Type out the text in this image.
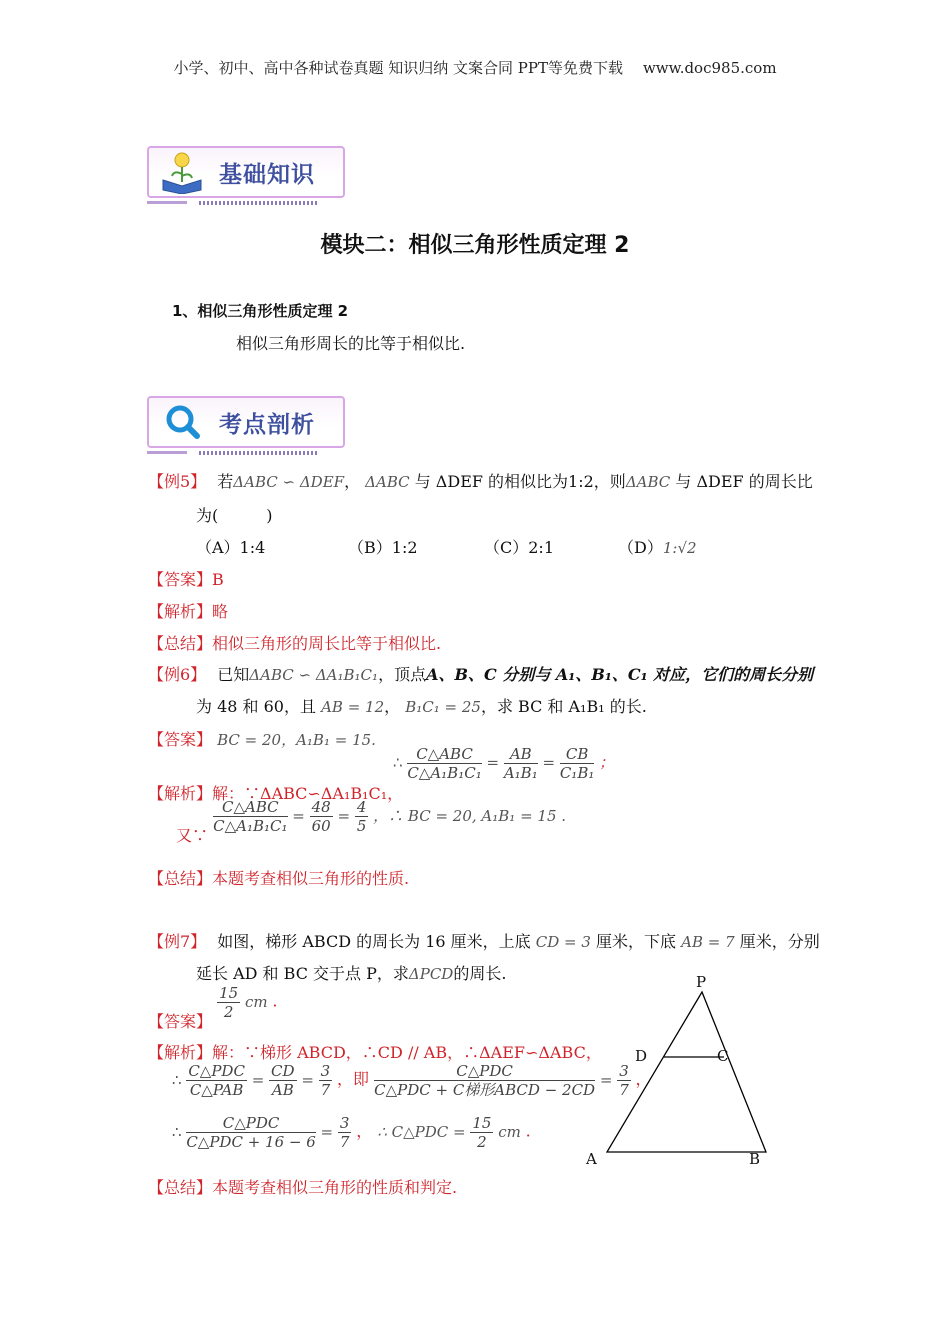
小学、初中、高中各种试卷真题 知识归纳 文案合同 PPT等免费下载 www.doc985.com
基础知识
模块二：相似三角形性质定理 2
1、相似三角形性质定理 2
相似三角形周长的比等于相似比.
考点剖析
【例5】 若ΔABC ∽ ΔDEF， ΔABC 与 ΔDEF 的相似比为1:2，则ΔABC 与 ΔDEF 的周长比
为(　　　)
（A）1:4	（B）1:2	（C）2:1	（D）1:√2
【答案】B
【解析】略
【总结】相似三角形的周长比等于相似比.
【例6】 已知ΔABC ∽ ΔA₁B₁C₁，顶点A、B、C 分别与 A₁、B₁、C₁ 对应，它们的周长分别
为 48 和 60，且 AB = 12， B₁C₁ = 25，求 BC 和 A₁B₁ 的长.
【答案】 BC = 20，A₁B₁ = 15.
【解析】解：∵ΔABC∽ΔA₁B₁C₁，
∴ $\frac{\text{C△ABC}}{\text{C△A₁B₁C₁}} = \frac{AB}{\text{A₁B₁}} = \frac{CB}{\text{C₁B₁}}$ ；
又∵ $\frac{\text{C△ABC}}{\text{C△A₁B₁C₁}} = \frac{48}{60} = \frac{4}{5}$ ，∴ BC = 20, A₁B₁ = 15 .
【总结】本题考查相似三角形的性质.
【例7】 如图，梯形 ABCD 的周长为 16 厘米，上底 CD = 3 厘米，下底 AB = 7 厘米，分别
延长 AD 和 BC 交于点 P，求ΔPCD的周长.
【答案】 $\frac{15}{2}$ cm .
【解析】解：∵梯形 ABCD，∴CD // AB，∴ΔAEF∽ΔABC，
∴ $\frac{\text{C△PDC}}{\text{C△PAB}} = \frac{CD}{AB} = \frac{3}{7}$ ，即 $\frac{\text{C△PDC}}{\text{C△PDC + C梯形ABCD − 2CD}} = \frac{3}{7}$ ，
∴ $\frac{\text{C△PDC}}{\text{C△PDC + 16 − 6}} = \frac{3}{7}$ ， ∴ C△PDC = $\frac{15}{2}$ cm .
【总结】本题考查相似三角形的性质和判定.
P
D	C
A	B
